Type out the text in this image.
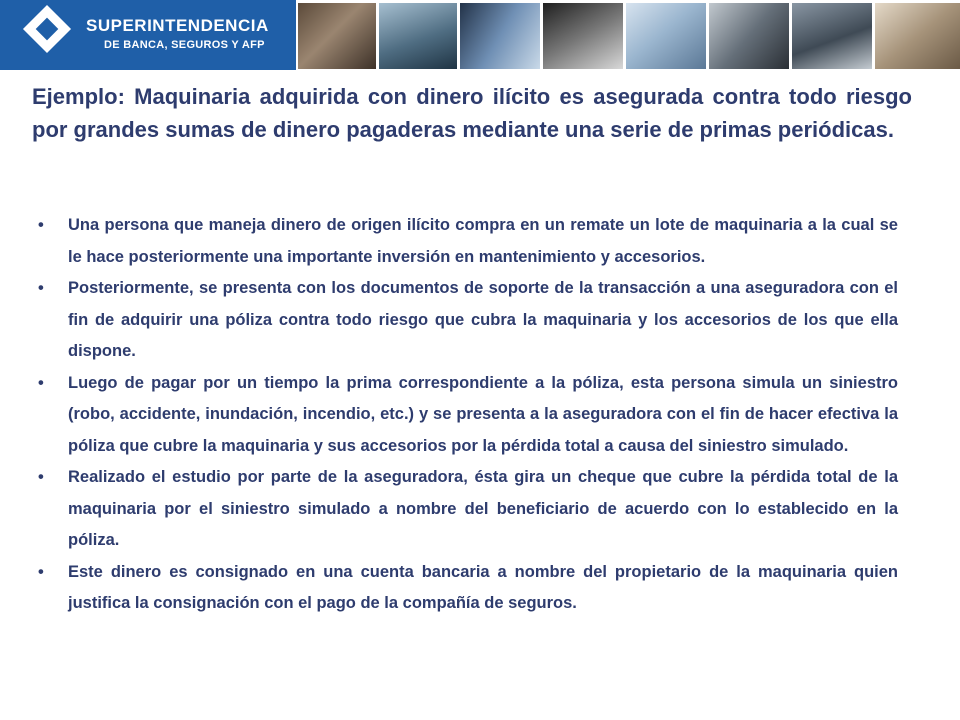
SUPERINTENDENCIA
DE BANCA, SEGUROS Y AFP
Ejemplo: Maquinaria adquirida con dinero ilícito es asegurada contra todo riesgo por grandes sumas de dinero pagaderas mediante una serie de primas periódicas.
• Una persona que maneja dinero de origen ilícito compra en un remate un lote de maquinaria a la cual se le hace posteriormente una importante inversión en mantenimiento y accesorios.
• Posteriormente, se presenta con los documentos de soporte de la transacción a una aseguradora con el fin de adquirir una póliza contra todo riesgo que cubra la maquinaria y los accesorios de los que ella dispone.
• Luego de pagar por un tiempo la prima correspondiente a la póliza, esta persona simula un siniestro (robo, accidente, inundación, incendio, etc.) y se presenta a la aseguradora con el fin de hacer efectiva la póliza que cubre la maquinaria y sus accesorios por la pérdida total a causa del siniestro simulado.
• Realizado el estudio por parte de la aseguradora, ésta gira un cheque que cubre la pérdida total de la maquinaria por el siniestro simulado a nombre del beneficiario de acuerdo con lo establecido en la póliza.
• Este dinero es consignado en una cuenta bancaria a nombre del propietario de la maquinaria quien justifica la consignación con el pago de la compañía de seguros.
